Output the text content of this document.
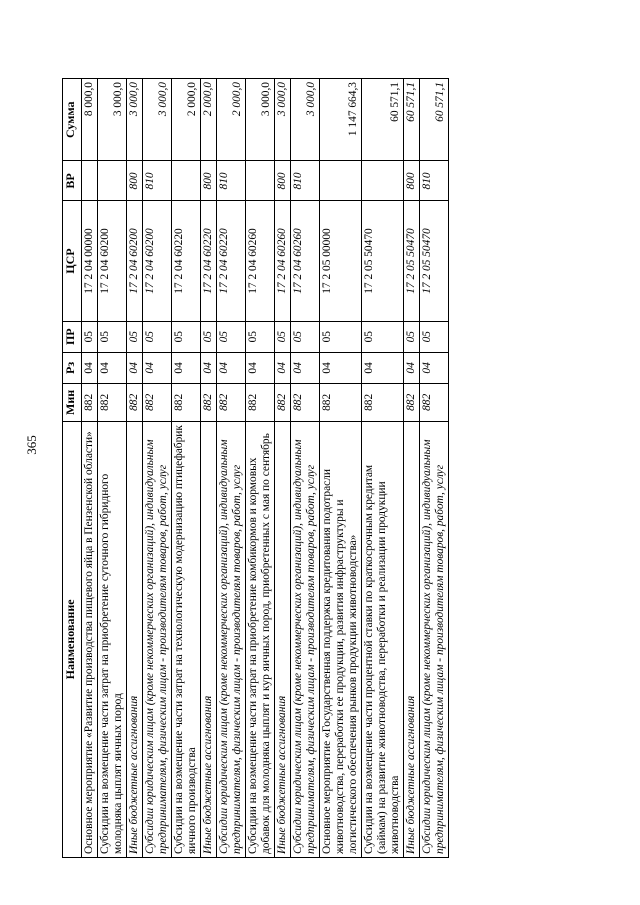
365
Наименование	Мин	Рз	ПР	ЦСР	ВР	Сумма
Основное мероприятие «Развитие производства пищевого яйца в Пензенской области»	882	04	05	17 2 04 00000		8 000,0
Субсидии на возмещение части затрат на приобретение суточного гибридного молодняка цыплят яичных пород	882	04	05	17 2 04 60200		3 000,0
Иные бюджетные ассигнования	882	04	05	17 2 04 60200	800	3 000,0
Субсидии юридическим лицам (кроме некоммерческих организаций), индивидуальным предпринимателям, физическим лицам - производителям товаров, работ, услуг	882	04	05	17 2 04 60200	810	3 000,0
Субсидии на возмещение части затрат на технологическую модернизацию птицефабрик яичного производства	882	04	05	17 2 04 60220		2 000,0
Иные бюджетные ассигнования	882	04	05	17 2 04 60220	800	2 000,0
Субсидии юридическим лицам (кроме некоммерческих организаций), индивидуальным предпринимателям, физическим лицам - производителям товаров, работ, услуг	882	04	05	17 2 04 60220	810	2 000,0
Субсидии на возмещение части затрат на приобретение комбикормов и кормовых добавок для молодняка цыплят и кур яичных пород, приобретенных с мая по сентябрь	882	04	05	17 2 04 60260		3 000,0
Иные бюджетные ассигнования	882	04	05	17 2 04 60260	800	3 000,0
Субсидии юридическим лицам (кроме некоммерческих организаций), индивидуальным предпринимателям, физическим лицам - производителям товаров, работ, услуг	882	04	05	17 2 04 60260	810	3 000,0
Основное мероприятие «Государственная поддержка кредитования подотрасли животноводства, переработки ее продукции, развития инфраструктуры и логистического обеспечения рынков продукции животноводства»	882	04	05	17 2 05 00000		1 147 664,3
Субсидии на возмещение части процентной ставки по краткосрочным кредитам (займам) на развитие животноводства, переработки и реализации продукции животноводства	882	04	05	17 2 05 50470		60 571,1
Иные бюджетные ассигнования	882	04	05	17 2 05 50470	800	60 571,1
Субсидии юридическим лицам (кроме некоммерческих организаций), индивидуальным предпринимателям, физическим лицам - производителям товаров, работ, услуг	882	04	05	17 2 05 50470	810	60 571,1
